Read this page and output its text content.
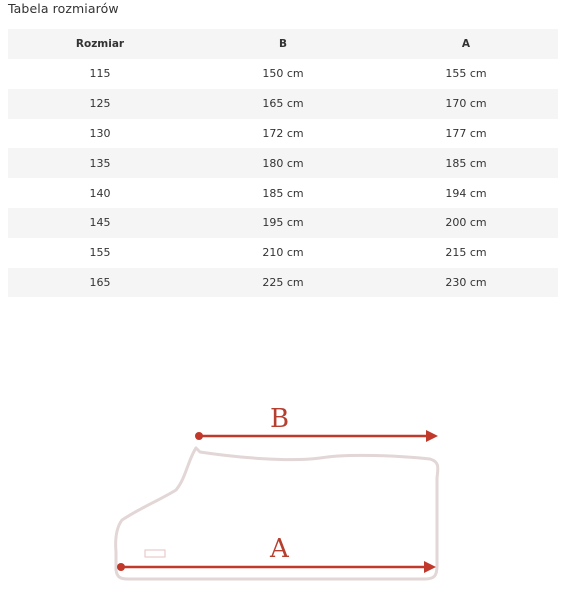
Tabela rozmiarów
Rozmiar	B	A
115	150 cm	155 cm
125	165 cm	170 cm
130	172 cm	177 cm
135	180 cm	185 cm
140	185 cm	194 cm
145	195 cm	200 cm
155	210 cm	215 cm
165	225 cm	230 cm
B
A
